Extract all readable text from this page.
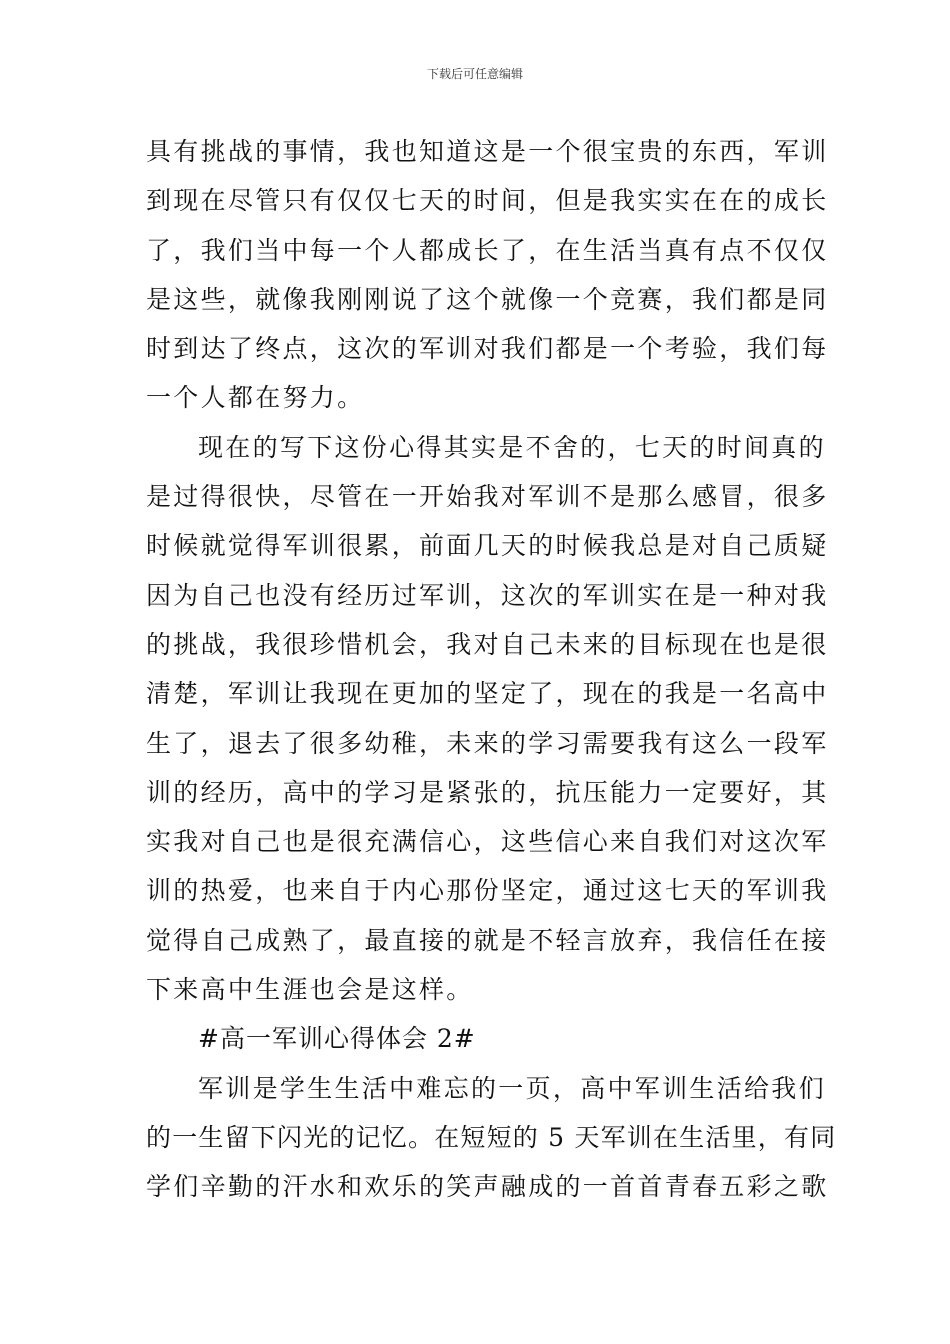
下载后可任意编辑
具有挑战的事情，我也知道这是一个很宝贵的东西，军训
到现在尽管只有仅仅七天的时间，但是我实实在在的成长
了，我们当中每一个人都成长了，在生活当真有点不仅仅
是这些，就像我刚刚说了这个就像一个竞赛，我们都是同
时到达了终点，这次的军训对我们都是一个考验，我们每
一个人都在努力。
现在的写下这份心得其实是不舍的，七天的时间真的
是过得很快，尽管在一开始我对军训不是那么感冒，很多
时候就觉得军训很累，前面几天的时候我总是对自己质疑
因为自己也没有经历过军训，这次的军训实在是一种对我
的挑战，我很珍惜机会，我对自己未来的目标现在也是很
清楚，军训让我现在更加的坚定了，现在的我是一名高中
生了，退去了很多幼稚，未来的学习需要我有这么一段军
训的经历，高中的学习是紧张的，抗压能力一定要好，其
实我对自己也是很充满信心，这些信心来自我们对这次军
训的热爱，也来自于内心那份坚定，通过这七天的军训我
觉得自己成熟了，最直接的就是不轻言放弃，我信任在接
下来高中生涯也会是这样。
#高一军训心得体会 2#
军训是学生生活中难忘的一页，高中军训生活给我们
的一生留下闪光的记忆。在短短的 5 天军训在生活里，有同
学们辛勤的汗水和欢乐的笑声融成的一首首青春五彩之歌
